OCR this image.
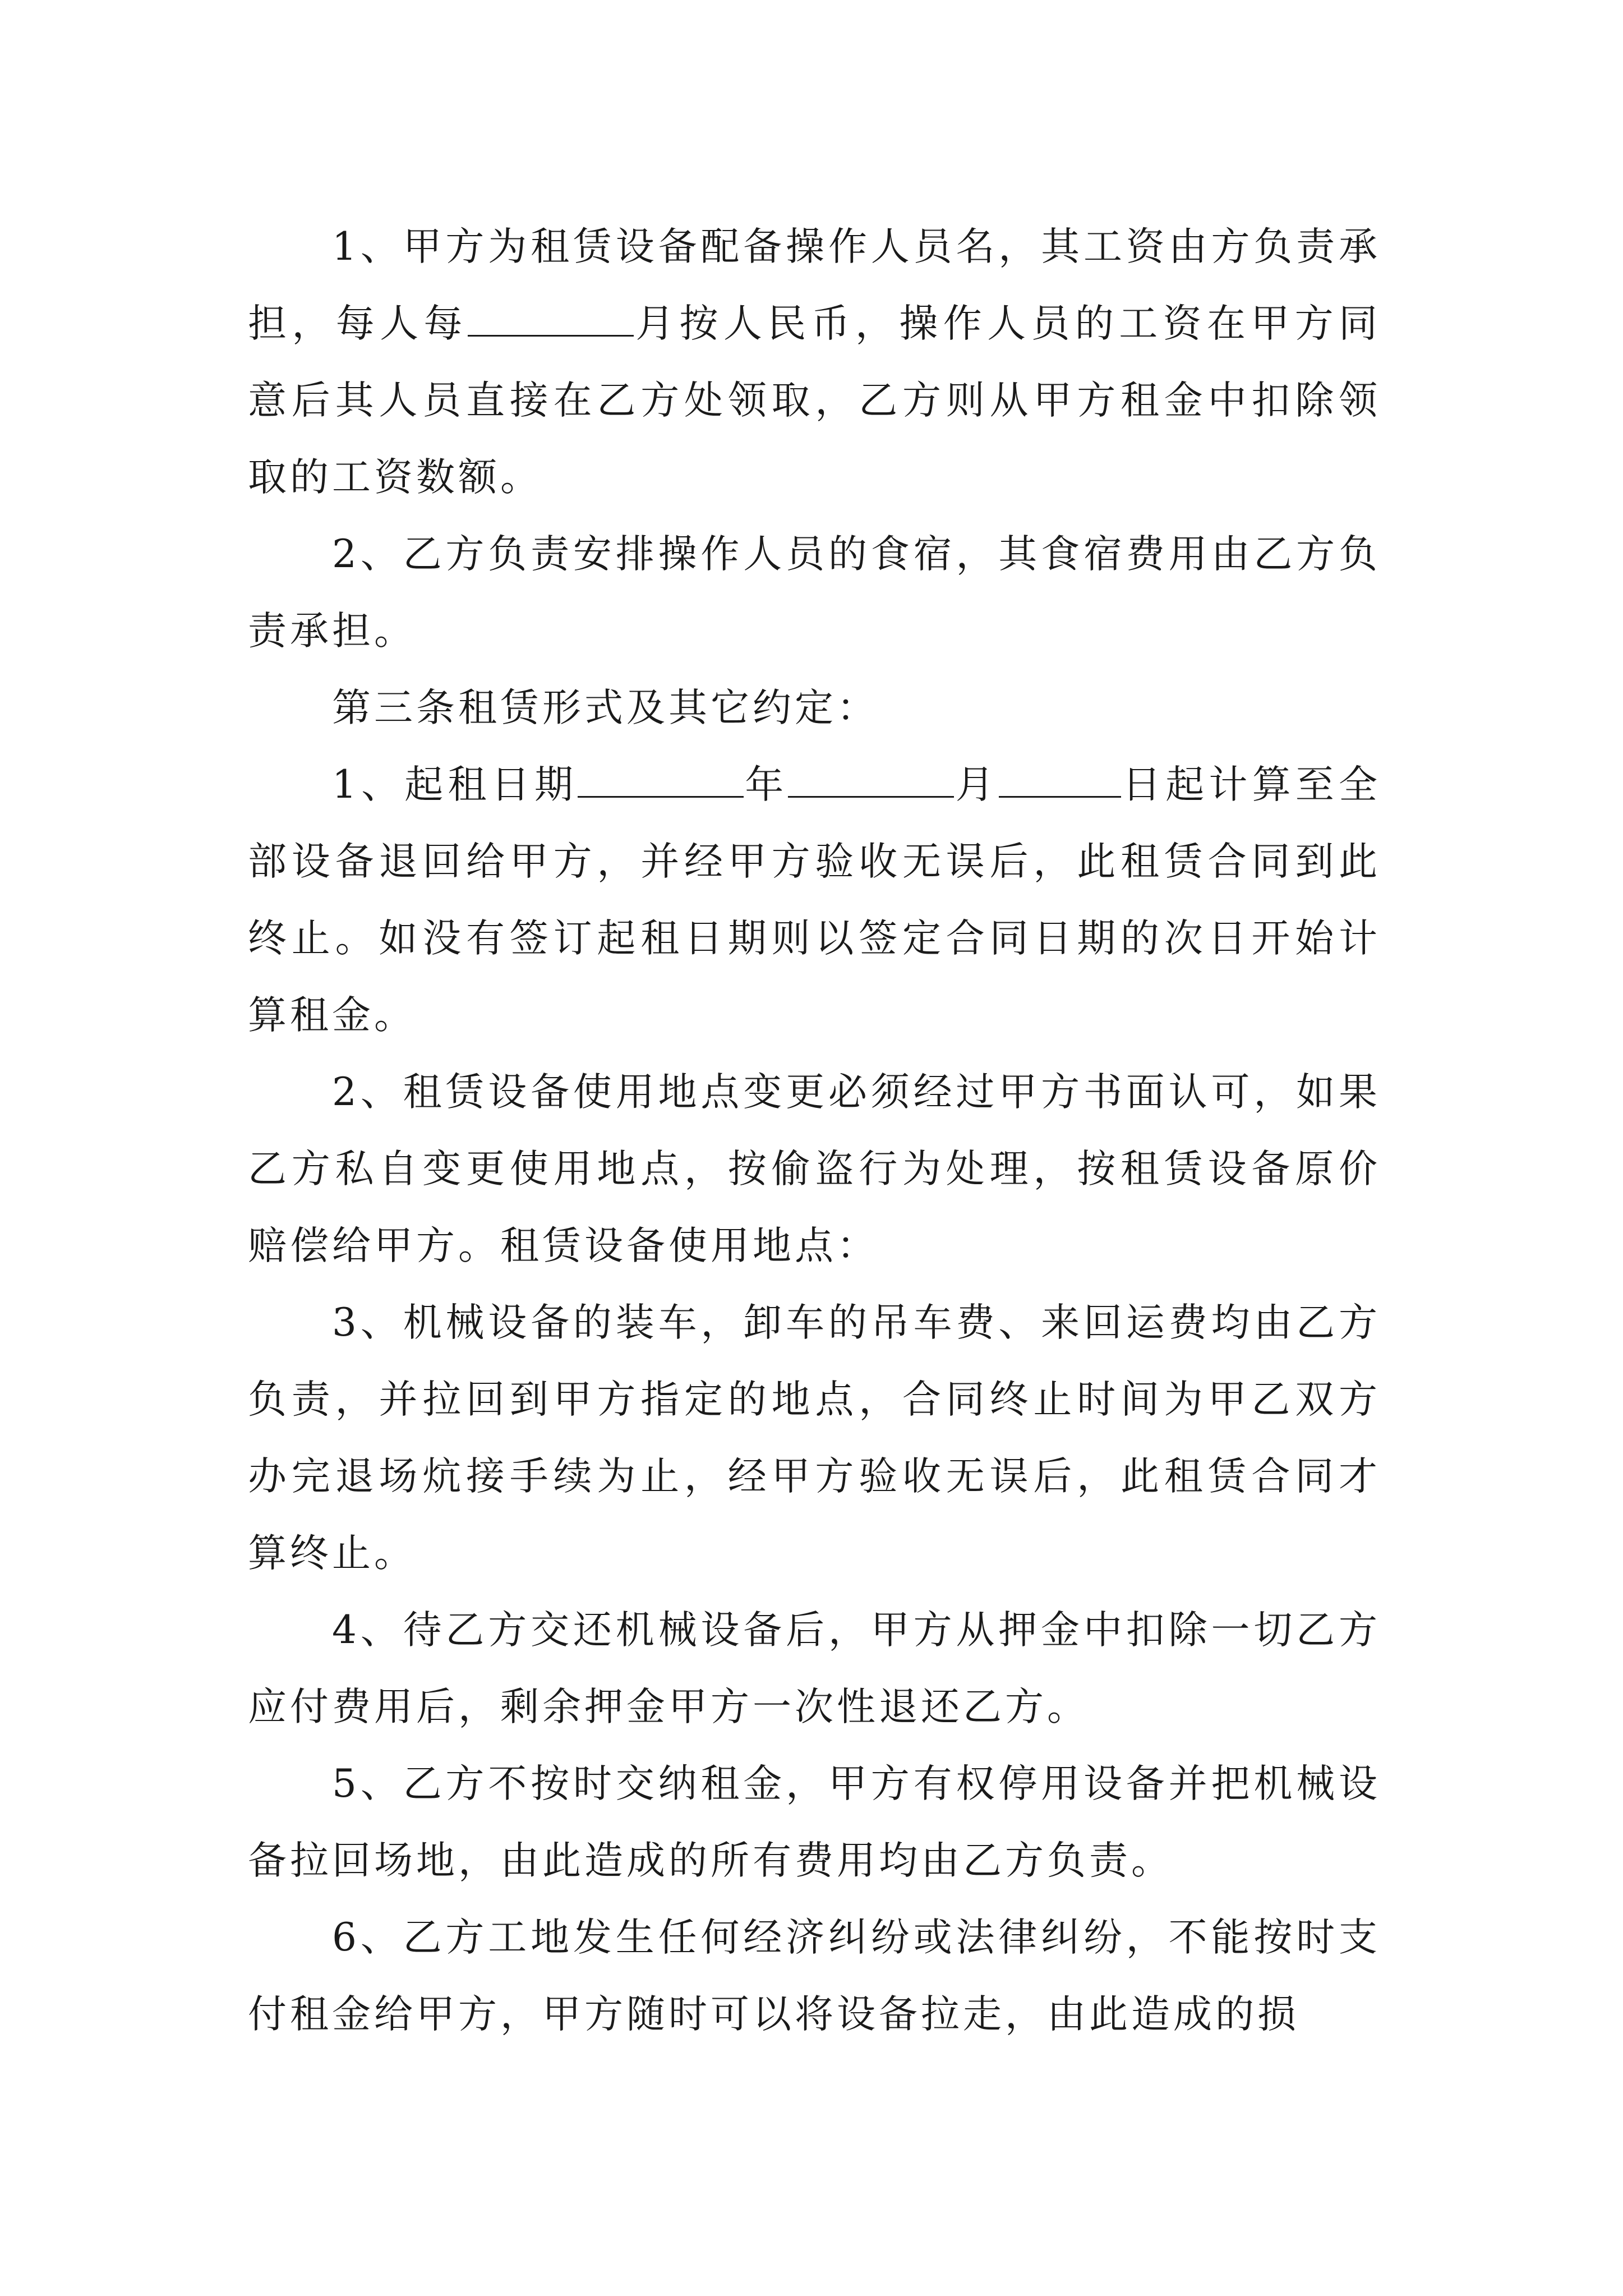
1、甲方为租赁设备配备操作人员名，其工资由方负责承担，每人每	月按人民币，操作人员的工资在甲方同意后其人员直接在乙方处领取，乙方则从甲方租金中扣除领取的工资数额。

2、乙方负责安排操作人员的食宿，其食宿费用由乙方负责承担。

第三条租赁形式及其它约定：

1、起租日期	年	月	日起计算至全部设备退回给甲方，并经甲方验收无误后，此租赁合同到此终止。如没有签订起租日期则以签定合同日期的次日开始计算租金。

2、租赁设备使用地点变更必须经过甲方书面认可，如果乙方私自变更使用地点，按偷盗行为处理，按租赁设备原价赔偿给甲方。租赁设备使用地点：

3、机械设备的装车，卸车的吊车费、来回运费均由乙方负责，并拉回到甲方指定的地点，合同终止时间为甲乙双方办完退场炕接手续为止，经甲方验收无误后，此租赁合同才算终止。

4、待乙方交还机械设备后，甲方从押金中扣除一切乙方应付费用后，剩余押金甲方一次性退还乙方。

5、乙方不按时交纳租金，甲方有权停用设备并把机械设备拉回场地，由此造成的所有费用均由乙方负责。

6、乙方工地发生任何经济纠纷或法律纠纷，不能按时支付租金给甲方，甲方随时可以将设备拉走，由此造成的损
